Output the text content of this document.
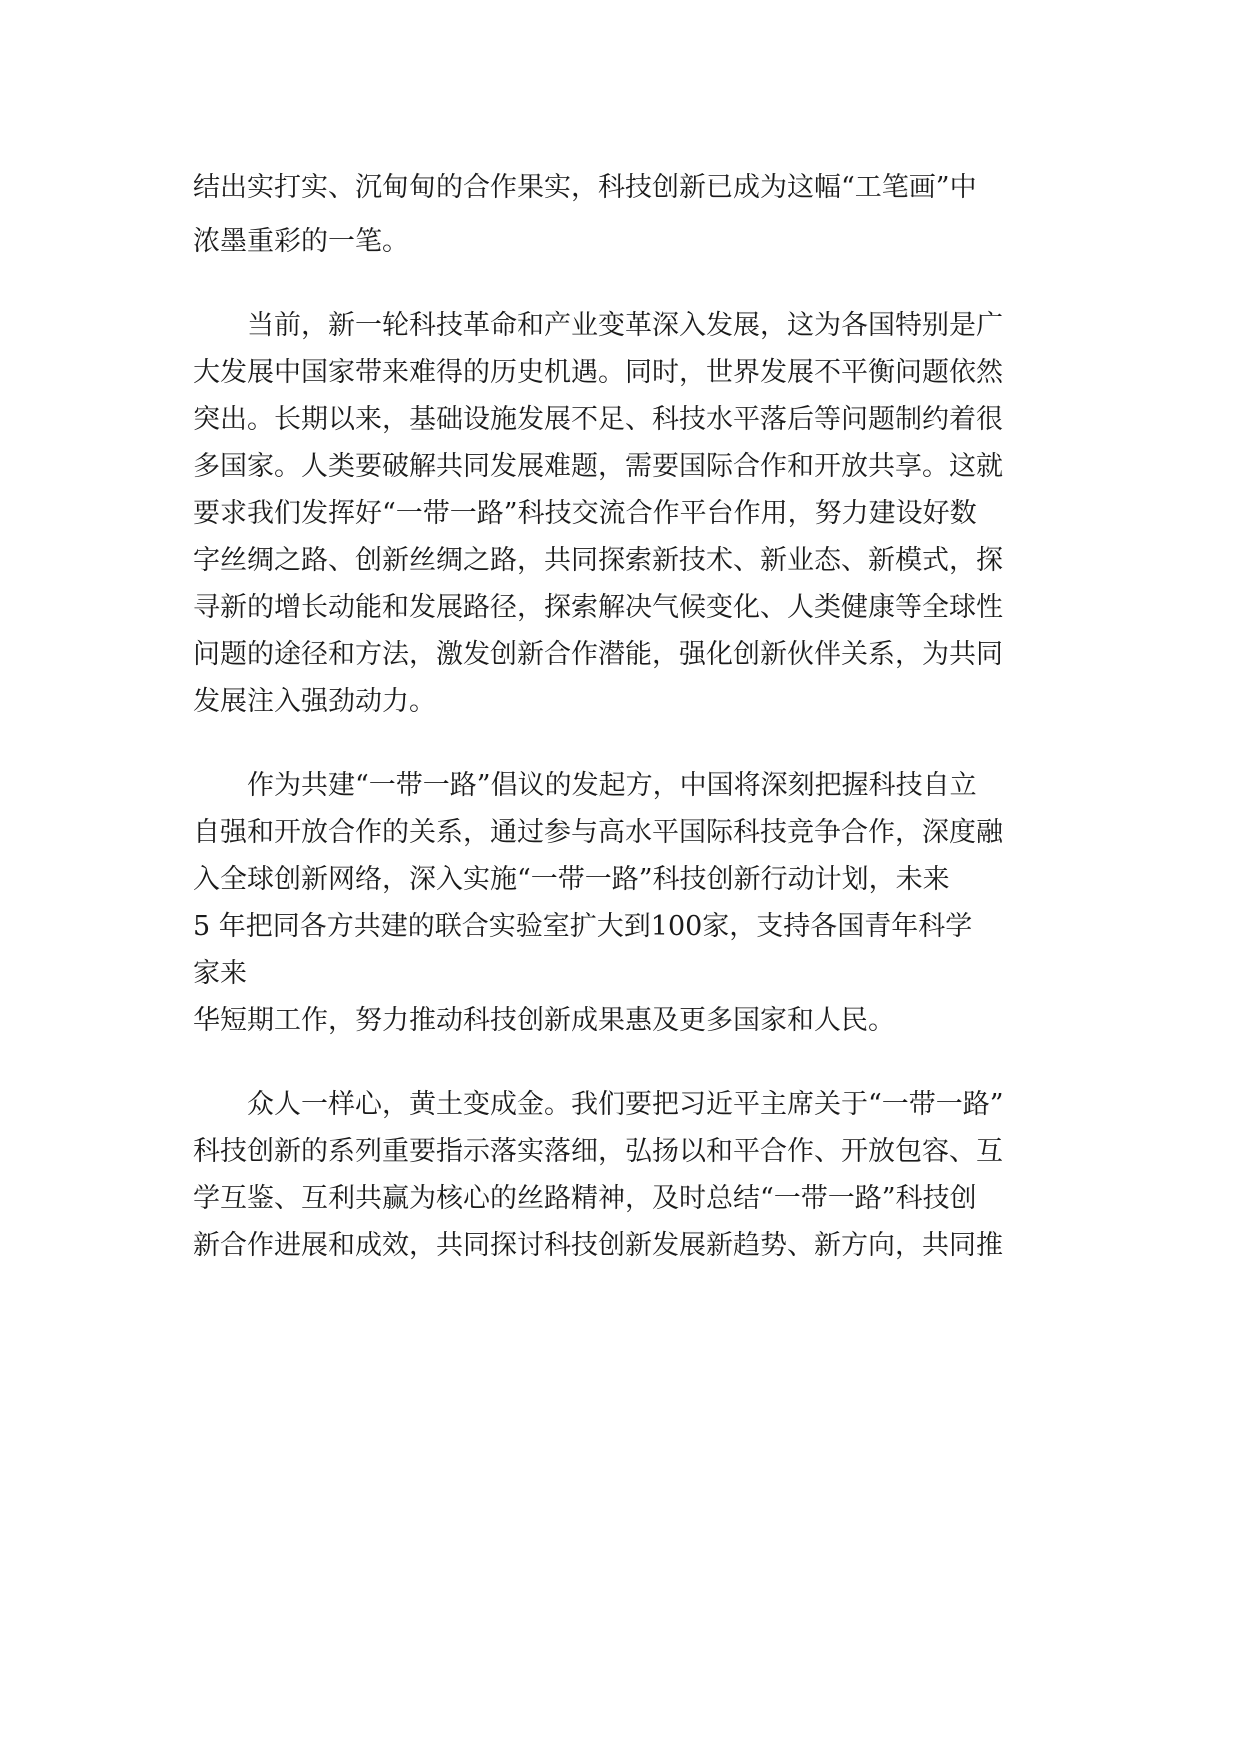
结出实打实、沉甸甸的合作果实，科技创新已成为这幅“工笔画”中
浓墨重彩的一笔。
当前，新一轮科技革命和产业变革深入发展，这为各国特别是广
大发展中国家带来难得的历史机遇。同时，世界发展不平衡问题依然
突出。长期以来，基础设施发展不足、科技水平落后等问题制约着很
多国家。人类要破解共同发展难题，需要国际合作和开放共享。这就
要求我们发挥好“一带一路”科技交流合作平台作用，努力建设好数
字丝绸之路、创新丝绸之路，共同探索新技术、新业态、新模式，探
寻新的增长动能和发展路径，探索解决气候变化、人类健康等全球性
问题的途径和方法，激发创新合作潜能，强化创新伙伴关系，为共同
发展注入强劲动力。
作为共建“一带一路”倡议的发起方，中国将深刻把握科技自立
自强和开放合作的关系，通过参与高水平国际科技竞争合作，深度融
入全球创新网络，深入实施“一带一路”科技创新行动计划，未来
5 年把同各方共建的联合实验室扩大到100家，支持各国青年科学
家来
华短期工作，努力推动科技创新成果惠及更多国家和人民。
众人一样心，黄土变成金。我们要把习近平主席关于“一带一路”
科技创新的系列重要指示落实落细，弘扬以和平合作、开放包容、互
学互鉴、互利共赢为核心的丝路精神，及时总结“一带一路”科技创
新合作进展和成效，共同探讨科技创新发展新趋势、新方向，共同推
